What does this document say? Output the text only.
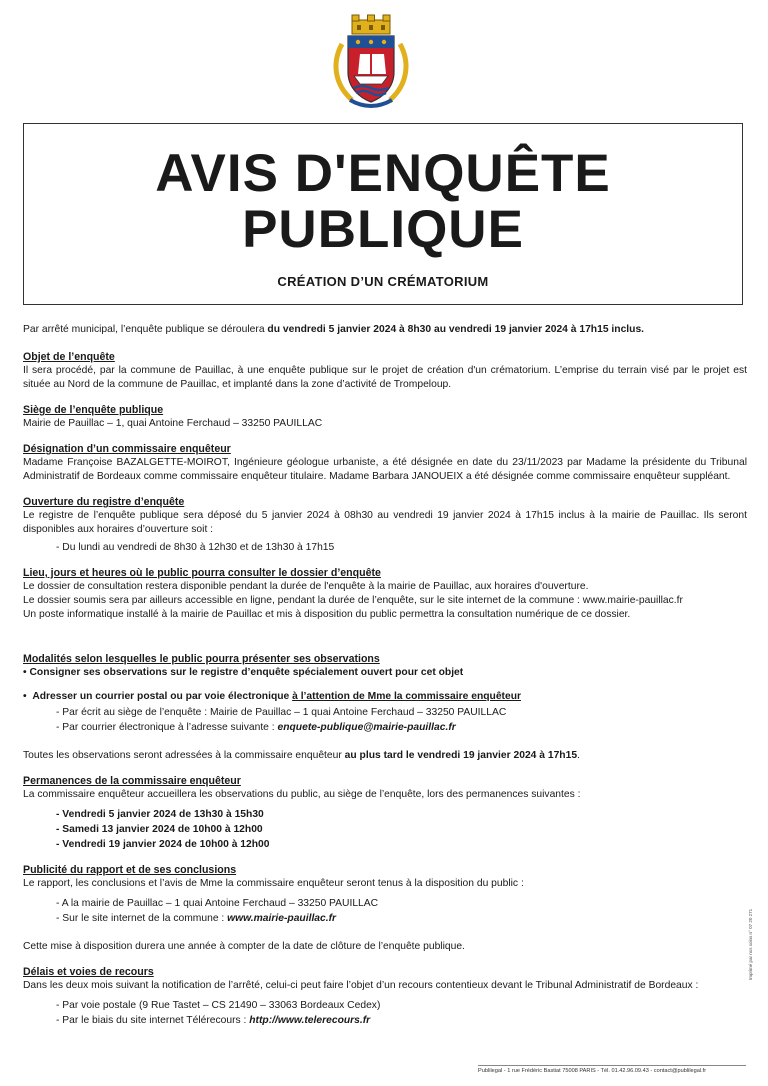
AVIS D'ENQUÊTE
PUBLIQUE
CRÉATION D’UN CRÉMATORIUM
Par arrêté municipal, l’enquête publique se déroulera du vendredi 5 janvier 2024 à 8h30 au vendredi 19 janvier 2024 à 17h15 inclus.

Objet de l’enquête

Il sera procédé, par la commune de Pauillac, à une enquête publique sur le projet de création d'un crématorium. L’emprise du terrain visé par le projet est située au Nord de la commune de Pauillac, et implanté dans la zone d’activité de Trompeloup.

Siège de l’enquête publique

Mairie de Pauillac – 1, quai Antoine Ferchaud – 33250 PAUILLAC

Désignation d’un commissaire enquêteur

Madame Françoise BAZALGETTE-MOIROT, Ingénieure géologue urbaniste, a été désignée en date du 23/11/2023 par Madame la présidente du Tribunal Administratif de Bordeaux comme commissaire enquêteur titulaire. Madame Barbara JANOUEIX a été désignée comme commissaire enquêteur suppléant.

Ouverture du registre d’enquête

Le registre de l’enquête publique sera déposé du 5 janvier 2024 à 08h30 au vendredi 19 janvier 2024 à 17h15 inclus à la mairie de Pauillac. Ils seront disponibles aux horaires d’ouverture soit :

- Du lundi au vendredi de 8h30 à 12h30 et de 13h30 à 17h15

Lieu, jours et heures où le public pourra consulter le dossier d’enquête

Le dossier de consultation restera disponible pendant la durée de l'enquête à la mairie de Pauillac, aux horaires d'ouverture.

Le dossier soumis sera par ailleurs accessible en ligne, pendant la durée de l’enquête, sur le site internet de la commune : www.mairie-pauillac.fr

Un poste informatique installé à la mairie de Pauillac et mis à disposition du public permettra la consultation numérique de ce dossier.

Modalités selon lesquelles le public pourra présenter ses observations

• Consigner ses observations sur le registre d’enquête spécialement ouvert pour cet objet

•  Adresser un courrier postal ou par voie électronique à l’attention de Mme la commissaire enquêteur

- Par écrit au siège de l’enquête : Mairie de Pauillac – 1 quai Antoine Ferchaud – 33250 PAUILLAC
- Par courrier électronique à l’adresse suivante : enquete-publique@mairie-pauillac.fr

Toutes les observations seront adressées à la commissaire enquêteur au plus tard le vendredi 19 janvier 2024 à 17h15.

Permanences de la commissaire enquêteur

La commissaire enquêteur accueillera les observations du public, au siège de l’enquête, lors des permanences suivantes :

- Vendredi 5 janvier 2024 de 13h30 à 15h30
- Samedi 13 janvier 2024 de 10h00 à 12h00
- Vendredi 19 janvier 2024 de 10h00 à 12h00

Publicité du rapport et de ses conclusions

Le rapport, les conclusions et l’avis de Mme la commissaire enquêteur seront tenus à la disposition du public :

- A la mairie de Pauillac – 1 quai Antoine Ferchaud – 33250 PAUILLAC
- Sur le site internet de la commune : www.mairie-pauillac.fr

Cette mise à disposition durera une année à compter de la date de clôture de l’enquête publique.

Délais et voies de recours

Dans les deux mois suivant la notification de l’arrêté, celui-ci peut faire l’objet d’un recours contentieux devant le Tribunal Administratif de Bordeaux :

- Par voie postale (9 Rue Tastet – CS 21490 – 33063 Bordeaux Cedex)
- Par le biais du site internet Télérecours : http://www.telerecours.fr
Publilegal - 1 rue Frédéric Bastiat 75008 PARIS - Tél. 01.42.96.09.43 - contact@publilegal.fr
Imprimé par nos soins n° 07 20 271
